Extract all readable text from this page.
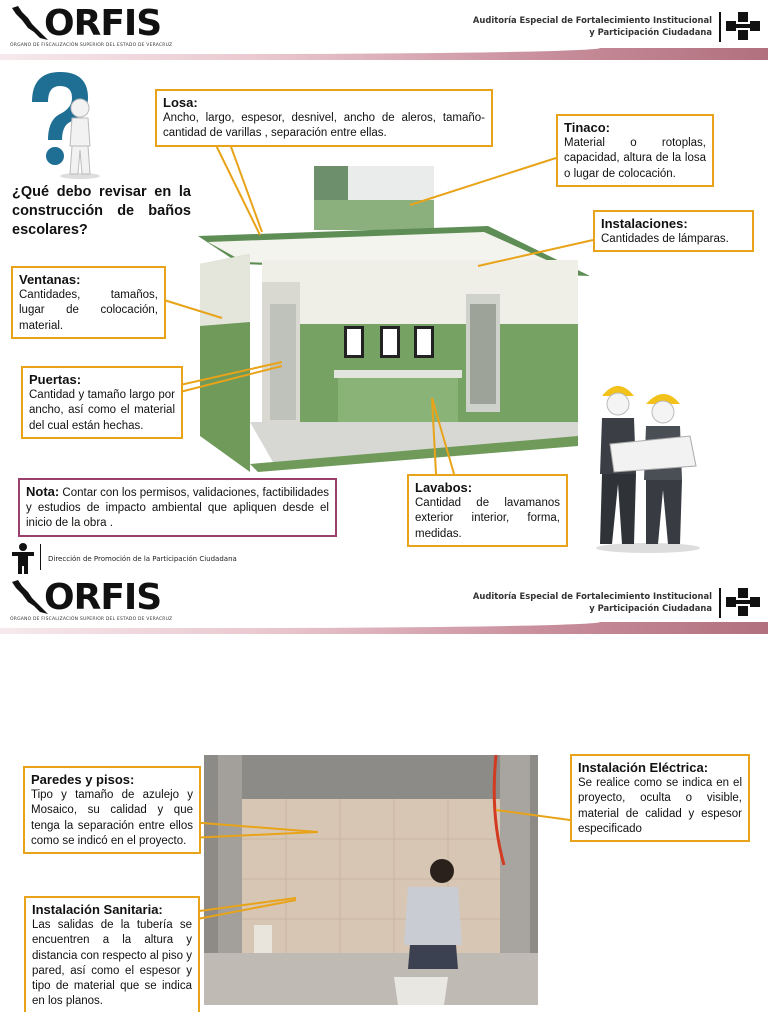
ORFIS
ÓRGANO DE FISCALIZACIÓN SUPERIOR DEL ESTADO DE VERACRUZ
Auditoría Especial de Fortalecimiento Institucional
y Participación Ciudadana
¿Qué debo revisar en la construcción de baños escolares?
Losa:
Ancho, largo, espesor, desnivel, ancho de aleros, tamaño-cantidad de varillas , separación entre ellas.	Tinaco:
Material o rotoplas, capacidad, altura de la losa o lugar de colocación.
Instalaciones:
Cantidades de lámparas.
Ventanas:
Cantidades, tamaños, lugar de colocación, material.
Puertas:
Cantidad y tamaño largo por ancho, así como el material del cual están hechas.
Nota: Contar con los permisos, validaciones, factibilidades y estudios de impacto ambiental que apliquen desde el inicio de la obra .
Lavabos:
Cantidad de lavamanos exterior interior, forma, medidas.
Dirección de Promoción de la Participación Ciudadana
ORFIS
ÓRGANO DE FISCALIZACIÓN SUPERIOR DEL ESTADO DE VERACRUZ
Auditoría Especial de Fortalecimiento Institucional
y Participación Ciudadana
Paredes y pisos:
Tipo y tamaño de azulejo y Mosaico, su calidad y que tenga la separación entre ellos como se indicó en el proyecto.
Instalación Eléctrica:
Se realice como se indica en el proyecto, oculta o visible, material de calidad y espesor especificado
Instalación Sanitaria:
Las salidas de la tubería se encuentren a la altura y distancia con respecto al piso y pared, así como el espesor y tipo de material que se indica en los planos.
